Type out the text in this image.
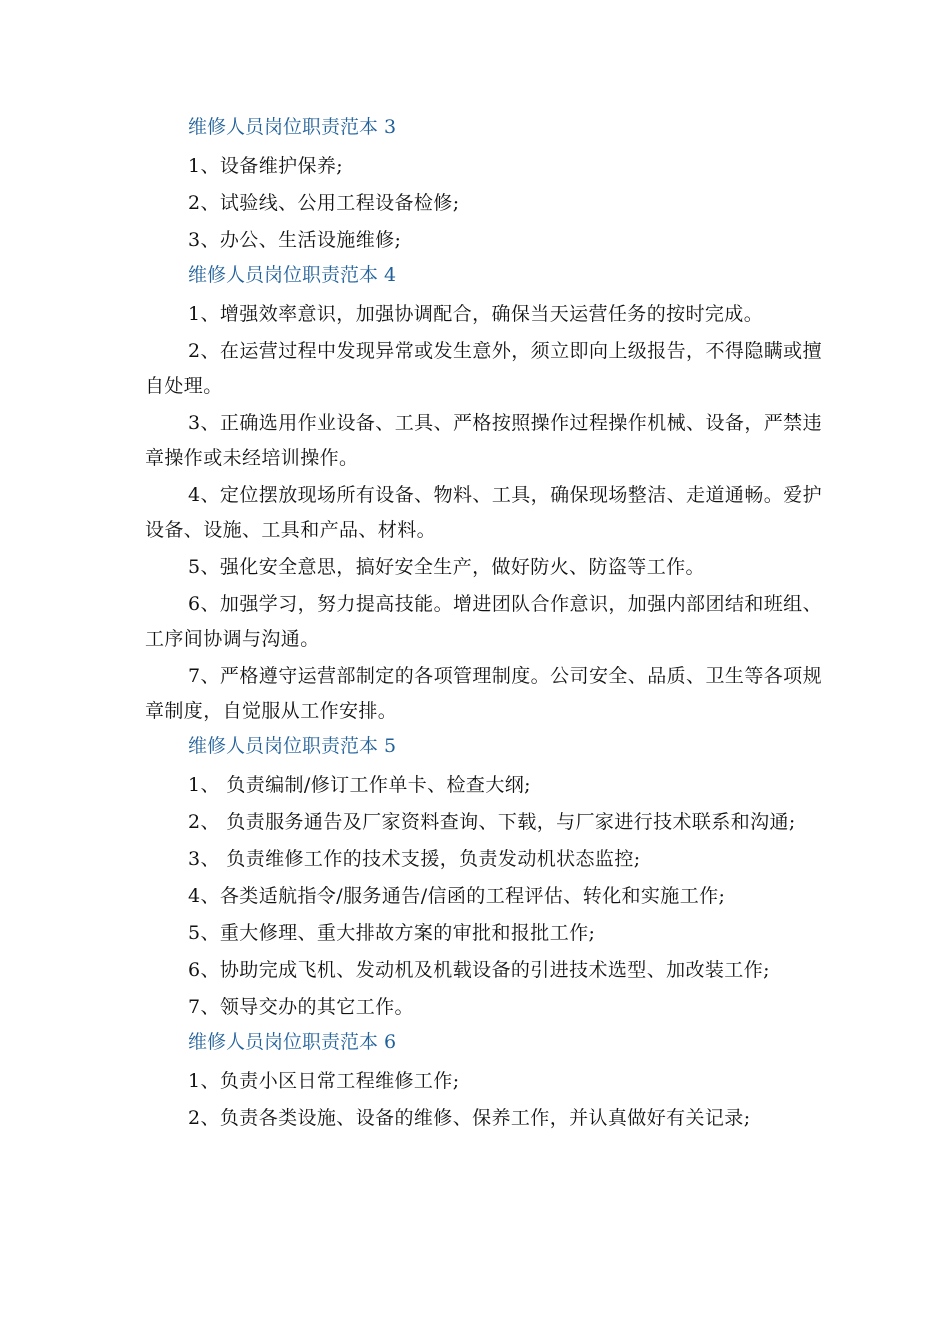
维修人员岗位职责范本 3

1、设备维护保养;

2、试验线、公用工程设备检修;

3、办公、生活设施维修;

维修人员岗位职责范本 4

1、增强效率意识，加强协调配合，确保当天运营任务的按时完成。

2、在运营过程中发现异常或发生意外，须立即向上级报告，不得隐瞒或擅自处理。

3、正确选用作业设备、工具、严格按照操作过程操作机械、设备，严禁违章操作或未经培训操作。

4、定位摆放现场所有设备、物料、工具，确保现场整洁、走道通畅。爱护设备、设施、工具和产品、材料。

5、强化安全意思，搞好安全生产，做好防火、防盗等工作。

6、加强学习，努力提高技能。增进团队合作意识，加强内部团结和班组、工序间协调与沟通。

7、严格遵守运营部制定的各项管理制度。公司安全、品质、卫生等各项规章制度，自觉服从工作安排。

维修人员岗位职责范本 5

1、 负责编制/修订工作单卡、检查大纲;

2、 负责服务通告及厂家资料查询、下载，与厂家进行技术联系和沟通;

3、 负责维修工作的技术支援，负责发动机状态监控;

4、各类适航指令/服务通告/信函的工程评估、转化和实施工作;

5、重大修理、重大排故方案的审批和报批工作;

6、协助完成飞机、发动机及机载设备的引进技术选型、加改装工作;

7、领导交办的其它工作。

维修人员岗位职责范本 6

1、负责小区日常工程维修工作;

2、负责各类设施、设备的维修、保养工作，并认真做好有关记录;
